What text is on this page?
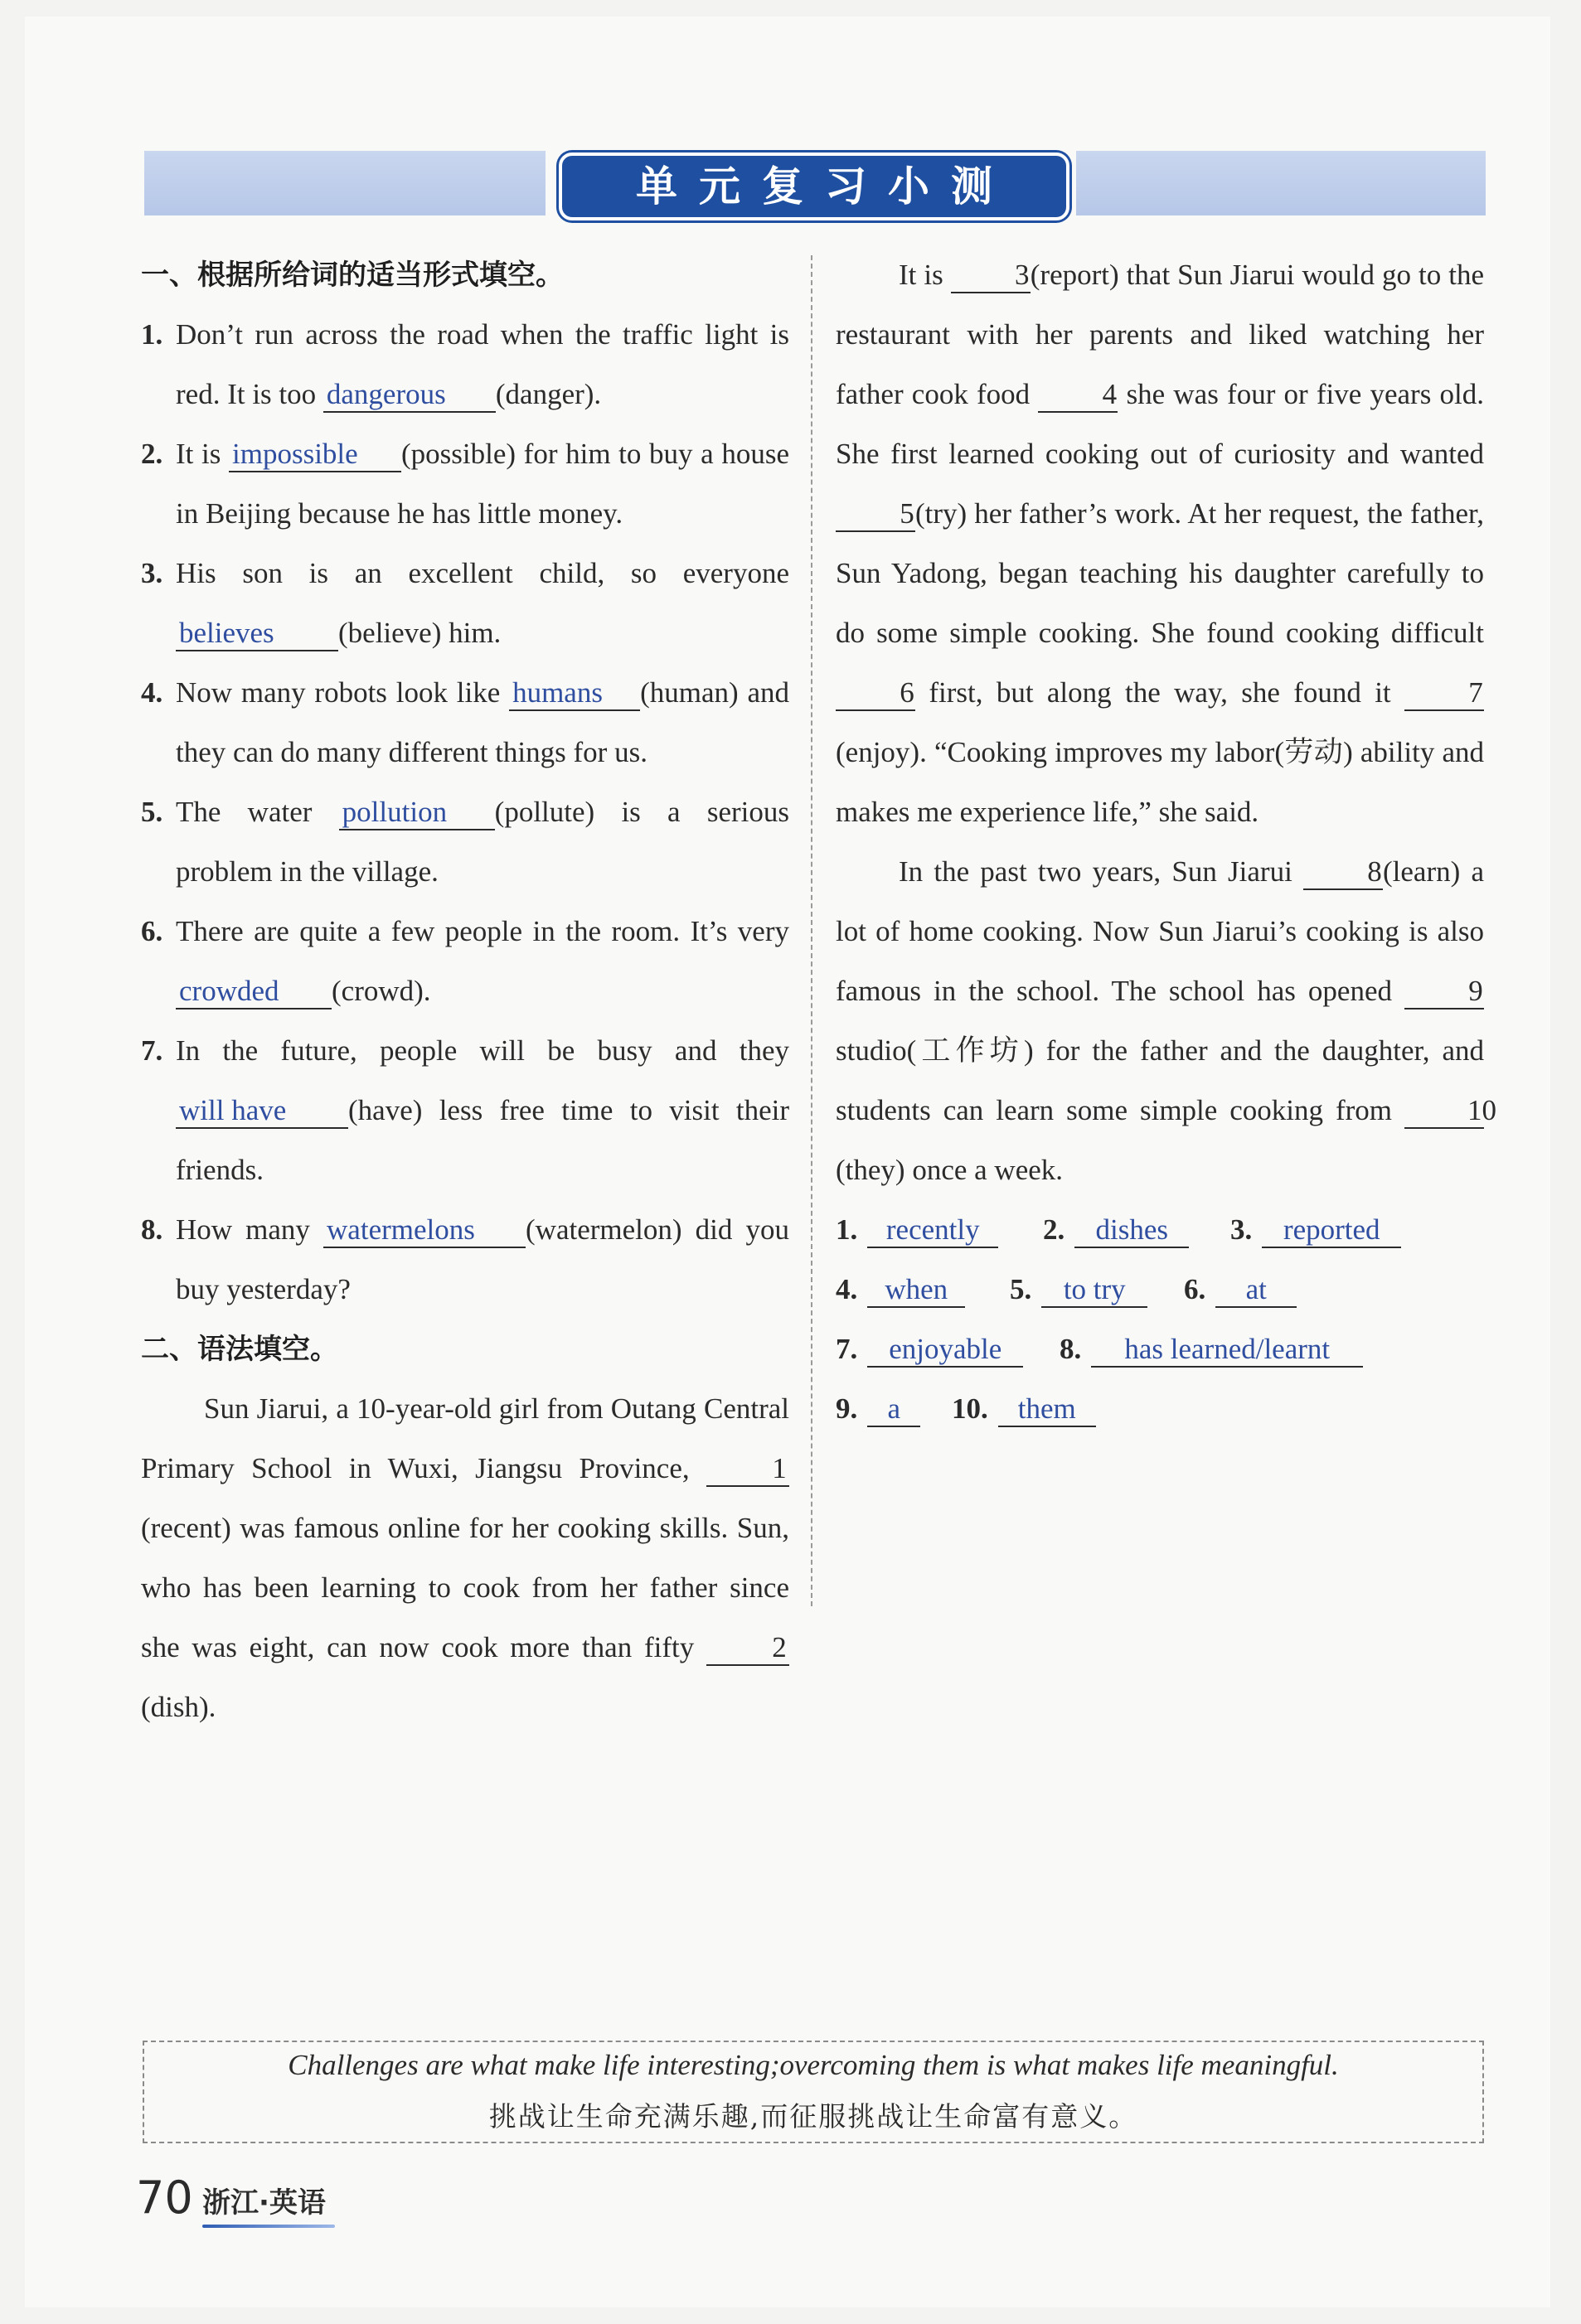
单元复习小测
一、根据所给词的适当形式填空。
1. Don’t run across the road when the traffic light is red. It is too dangerous (danger).
2. It is impossible (possible) for him to buy a house in Beijing because he has little money.
3. His son is an excellent child, so everyone believes (believe) him.
4. Now many robots look like humans (human) and they can do many different things for us.
5. The water pollution (pollute) is a serious problem in the village.
6. There are quite a few people in the room. It’s very crowded (crowd).
7. In the future, people will be busy and they will have (have) less free time to visit their friends.
8. How many watermelons (watermelon) did you buy yesterday?
二、语法填空。
Sun Jiarui, a 10-year-old girl from Outang Central Primary School in Wuxi, Jiangsu Province, 1(recent) was famous online for her cooking skills. Sun, who has been learning to cook from her father since she was eight, can now cook more than fifty 2(dish).
It is 3(report) that Sun Jiarui would go to the restaurant with her parents and liked watching her father cook food 4 she was four or five years old. She first learned cooking out of curiosity and wanted 5(try) her father’s work. At her request, the father, Sun Yadong, began teaching his daughter carefully to do some simple cooking. She found cooking difficult 6 first, but along the way, she found it 7(enjoy). “Cooking improves my labor(劳动) ability and makes me experience life,” she said.
In the past two years, Sun Jiarui 8(learn) a lot of home cooking. Now Sun Jiarui’s cooking is also famous in the school. The school has opened 9 studio(工作坊) for the father and the daughter, and students can learn some simple cooking from 10(they) once a week.
1. recently	2.	dishes	3.	reported
4. when	5.	to try	6.	at
7.	enjoyable	8.	has learned/learnt
9.	a	10.	them
Challenges are what make life interesting;overcoming them is what makes life meaningful.
挑战让生命充满乐趣,而征服挑战让生命富有意义。
70 浙江·英语
